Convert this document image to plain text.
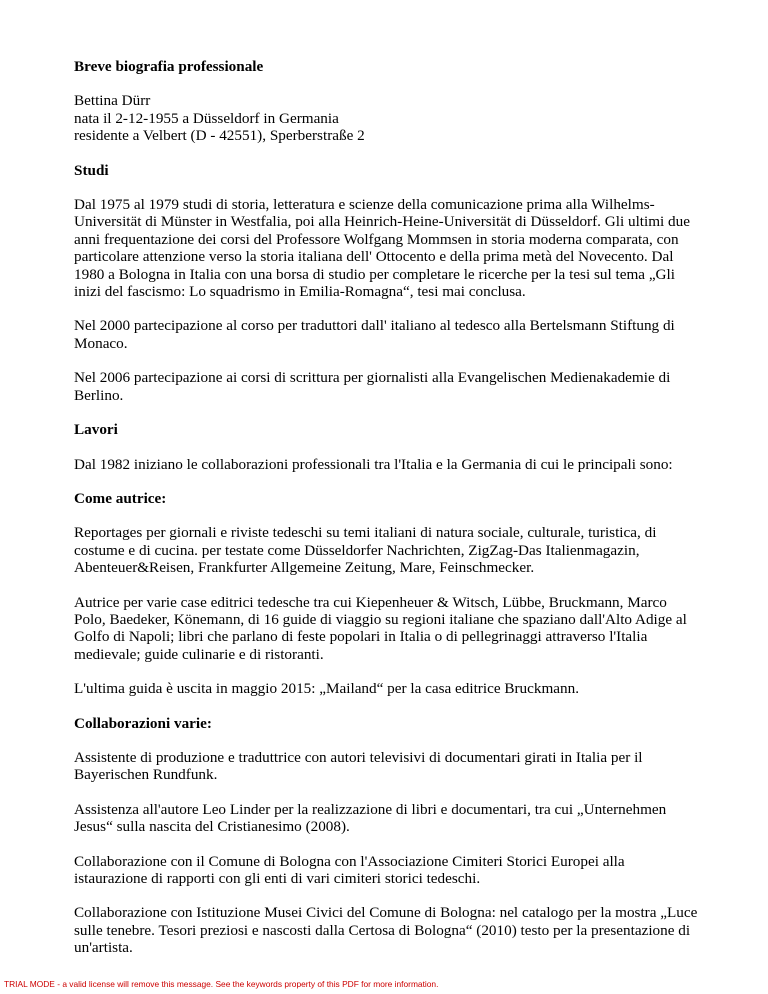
Breve biografia professionale

Bettina Dürr
nata il 2-12-1955 a Düsseldorf in Germania
residente a Velbert (D - 42551), Sperberstraße 2

Studi

Dal 1975 al 1979 studi di storia, letteratura e scienze della comunicazione prima alla Wilhelms-Universität di Münster in Westfalia, poi alla Heinrich-Heine-Universität di Düsseldorf. Gli ultimi due anni frequentazione dei corsi del Professore Wolfgang Mommsen in storia moderna comparata, con particolare attenzione verso la storia italiana dell' Ottocento e della prima metà del Novecento. Dal 1980 a Bologna in Italia con una borsa di studio per completare le ricerche per la tesi sul tema „Gli inizi del fascismo: Lo squadrismo in Emilia-Romagna“, tesi mai conclusa.

Nel 2000 partecipazione al corso per traduttori dall' italiano al tedesco alla Bertelsmann Stiftung di Monaco.

Nel 2006 partecipazione ai corsi di scrittura per giornalisti alla Evangelischen Medienakademie di Berlino.

Lavori

Dal 1982 iniziano le collaborazioni professionali tra l'Italia e la Germania di cui le principali sono:

Come autrice:

Reportages per giornali e riviste tedeschi su temi italiani di natura sociale, culturale, turistica, di costume e di cucina. per testate come Düsseldorfer Nachrichten, ZigZag-Das Italienmagazin, Abenteuer&Reisen, Frankfurter Allgemeine Zeitung, Mare, Feinschmecker.

Autrice per varie case editrici tedesche tra cui Kiepenheuer & Witsch, Lübbe, Bruckmann, Marco Polo, Baedeker, Könemann, di 16 guide di viaggio su regioni italiane che spaziano dall'Alto Adige al Golfo di Napoli; libri che parlano di feste popolari in Italia o di pellegrinaggi attraverso l'Italia medievale; guide culinarie e di ristoranti.

L'ultima guida è uscita in maggio 2015: „Mailand“ per la casa editrice Bruckmann.

Collaborazioni varie:

Assistente di produzione e traduttrice con autori televisivi di documentari girati in Italia per il Bayerischen Rundfunk.

Assistenza all'autore Leo Linder per la realizzazione di libri e documentari, tra cui „Unternehmen Jesus“ sulla nascita del Cristianesimo (2008).

Collaborazione con il Comune di Bologna con l'Associazione Cimiteri Storici Europei alla istaurazione di rapporti con gli enti di vari cimiteri storici tedeschi.

Collaborazione con Istituzione Musei Civici del Comune di Bologna: nel catalogo per la mostra „Luce sulle tenebre. Tesori preziosi e nascosti dalla Certosa di Bologna“ (2010) testo per la presentazione di un'artista.

TRIAL MODE - a valid license will remove this message. See the keywords property of this PDF for more information.
